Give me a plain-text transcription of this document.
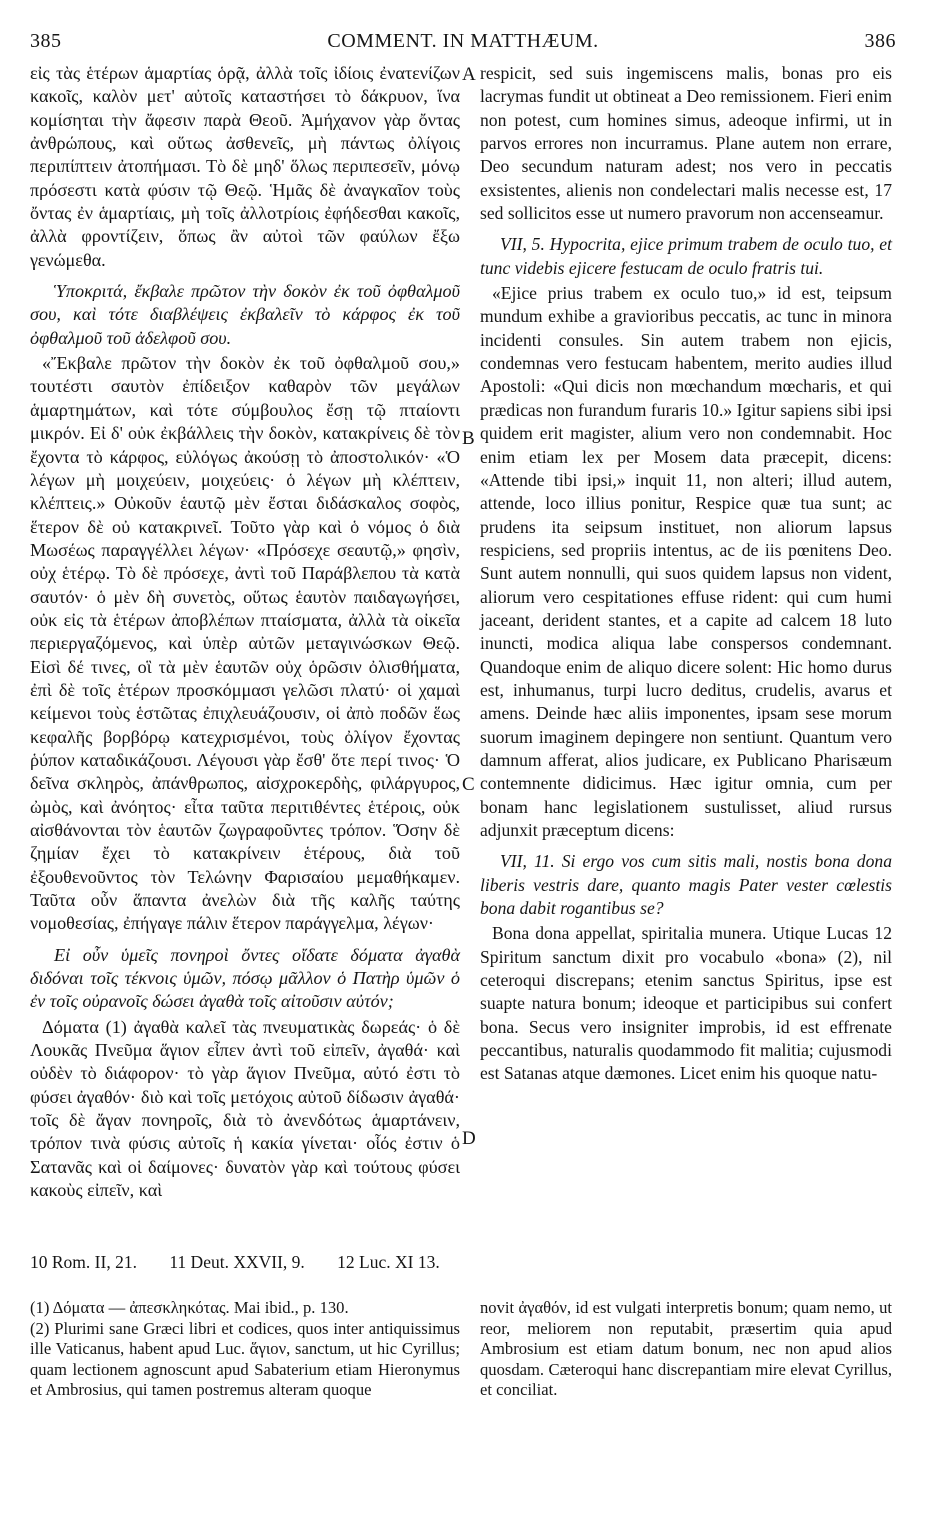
385	COMMENT. IN MATTHÆUM.	386

εἰς τὰς ἑτέρων ἁμαρτίας ὁρᾷ, ἀλλὰ τοῖς ἰδίοις ἐνατενίζων κακοῖς, καλὸν μετ' αὐτοῖς καταστήσει τὸ δάκρυον, ἵνα κομίσηται τὴν ἄφεσιν παρὰ Θεοῦ. Ἀμήχανον γὰρ ὄντας ἀνθρώπους, καὶ οὕτως ἀσθενεῖς, μὴ πάντως ὀλίγοις περιπίπτειν ἀτοπήμασι. Τὸ δὲ μηδ' ὅλως περιπεσεῖν, μόνῳ πρόσεστι κατὰ φύσιν τῷ Θεῷ. Ἡμᾶς δὲ ἀναγκαῖον τοὺς ὄντας ἐν ἁμαρτίαις, μὴ τοῖς ἀλλοτρίοις ἐφήδεσθαι κακοῖς, ἀλλὰ φροντίζειν, ὅπως ἂν αὐτοὶ τῶν φαύλων ἔξω γενώμεθα.

Ὑποκριτά, ἔκβαλε πρῶτον τὴν δοκὸν ἐκ τοῦ ὀφθαλμοῦ σου, καὶ τότε διαβλέψεις ἐκβαλεῖν τὸ κάρφος ἐκ τοῦ ὀφθαλμοῦ τοῦ ἀδελφοῦ σου.

«Ἔκβαλε πρῶτον τὴν δοκὸν ἐκ τοῦ ὀφθαλμοῦ σου,» τουτέστι σαυτὸν ἐπίδειξον καθαρὸν τῶν μεγάλων ἁμαρτημάτων, καὶ τότε σύμβουλος ἔσῃ τῷ πταίοντι μικρόν. Εἰ δ' οὐκ ἐκβάλλεις τὴν δοκὸν, κατακρίνεις δὲ τὸν ἔχοντα τὸ κάρφος, εὐλόγως ἀκούσῃ τὸ ἀποστολικόν· «Ὁ λέγων μὴ μοιχεύειν, μοιχεύεις· ὁ λέγων μὴ κλέπτειν, κλέπτεις.» Οὐκοῦν ἑαυτῷ μὲν ἔσται διδάσκαλος σοφὸς, ἕτερον δὲ οὐ κατακρινεῖ. Τοῦτο γὰρ καὶ ὁ νόμος ὁ διὰ Μωσέως παραγγέλλει λέγων· «Πρόσεχε σεαυτῷ,» φησὶν, οὐχ ἑτέρῳ. Τὸ δὲ πρόσεχε, ἀντὶ τοῦ Παράβλεπου τὰ κατὰ σαυτόν· ὁ μὲν δὴ συνετὸς, οὕτως ἑαυτὸν παιδαγωγήσει, οὐκ εἰς τὰ ἑτέρων ἀποβλέπων πταίσματα, ἀλλὰ τὰ οἰκεῖα περιεργαζόμενος, καὶ ὑπὲρ αὐτῶν μεταγινώσκων Θεῷ. Εἰσὶ δέ τινες, οἳ τὰ μὲν ἑαυτῶν οὐχ ὁρῶσιν ὀλισθήματα, ἐπὶ δὲ τοῖς ἑτέρων προσκόμμασι γελῶσι πλατύ· οἱ χαμαὶ κείμενοι τοὺς ἑστῶτας ἐπιχλευάζουσιν, οἱ ἀπὸ ποδῶν ἕως κεφαλῆς βορβόρῳ κατεχρισμένοι, τοὺς ὀλίγον ἔχοντας ῥύπον καταδικάζουσι. Λέγουσι γὰρ ἔσθ' ὅτε περί τινος· Ὁ δεῖνα σκληρὸς, ἀπάνθρωπος, αἰσχροκερδὴς, φιλάργυρος, ὠμὸς, καὶ ἀνόητος· εἶτα ταῦτα περιτιθέντες ἑτέροις, οὐκ αἰσθάνονται τὸν ἑαυτῶν ζωγραφοῦντες τρόπον. Ὅσην δὲ ζημίαν ἔχει τὸ κατακρίνειν ἑτέρους, διὰ τοῦ ἐξουθενοῦντος τὸν Τελώνην Φαρισαίου μεμαθήκαμεν. Ταῦτα οὖν ἅπαντα ἀνελὼν διὰ τῆς καλῆς ταύτης νομοθεσίας, ἐπήγαγε πάλιν ἕτερον παράγγελμα, λέγων·

Εἰ οὖν ὑμεῖς πονηροὶ ὄντες οἴδατε δόματα ἀγαθὰ διδόναι τοῖς τέκνοις ὑμῶν, πόσῳ μᾶλλον ὁ Πατὴρ ὑμῶν ὁ ἐν τοῖς οὐρανοῖς δώσει ἀγαθὰ τοῖς αἰτοῦσιν αὐτόν;

Δόματα (1) ἀγαθὰ καλεῖ τὰς πνευματικὰς δωρεάς· ὁ δὲ Λουκᾶς Πνεῦμα ἅγιον εἶπεν ἀντὶ τοῦ εἰπεῖν, ἀγαθά· καὶ οὐδὲν τὸ διάφορον· τὸ γὰρ ἅγιον Πνεῦμα, αὐτό ἐστι τὸ φύσει ἀγαθόν· διὸ καὶ τοῖς μετόχοις αὐτοῦ δίδωσιν ἀγαθά· τοῖς δὲ ἄγαν πονηροῖς, διὰ τὸ ἀνενδότως ἁμαρτάνειν, τρόπον τινὰ φύσις αὐτοῖς ἡ κακία γίνεται· οἷός ἐστιν ὁ Σατανᾶς καὶ οἱ δαίμονες· δυνατὸν γὰρ καὶ τούτους φύσει κακοὺς εἰπεῖν, καὶ

respicit, sed suis ingemiscens malis, bonas pro eis lacrymas fundit ut obtineat a Deo remissionem. Fieri enim non potest, cum homines simus, adeoque infirmi, ut in parvos errores non incurramus. Plane autem non errare, Deo secundum naturam adest; nos vero in peccatis exsistentes, alienis non condelectari malis necesse est, 17 sed sollicitos esse ut numero pravorum non accenseamur.

VII, 5. Hypocrita, ejice primum trabem de oculo tuo, et tunc videbis ejicere festucam de oculo fratris tui.

«Ejice prius trabem ex oculo tuo,» id est, teipsum mundum exhibe a gravioribus peccatis, ac tunc in minora incidenti consules. Sin autem trabem non ejicis, condemnas vero festucam habentem, merito audies illud Apostoli: «Qui dicis non mœchandum mœcharis, et qui prædicas non furandum furaris 10.» Igitur sapiens sibi ipsi quidem erit magister, alium vero non condemnabit. Hoc enim etiam lex per Mosem data præcepit, dicens: «Attende tibi ipsi,» inquit 11, non alteri; illud autem, attende, loco illius ponitur, Respice quæ tua sunt; ac prudens ita seipsum instituet, non aliorum lapsus respiciens, sed propriis intentus, ac de iis pœnitens Deo. Sunt autem nonnulli, qui suos quidem lapsus non vident, aliorum vero cespitationes effuse rident: qui cum humi jaceant, derident stantes, et a capite ad calcem 18 luto inuncti, modica aliqua labe conspersos condemnant. Quandoque enim de aliquo dicere solent: Hic homo durus est, inhumanus, turpi lucro deditus, crudelis, avarus et amens. Deinde hæc aliis imponentes, ipsam sese morum suorum imaginem depingere non sentiunt. Quantum vero damnum afferat, alios judicare, ex Publicano Pharisæum contemnente didicimus. Hæc igitur omnia, cum per bonam hanc legislationem sustulisset, aliud rursus adjunxit præceptum dicens:

VII, 11. Si ergo vos cum sitis mali, nostis bona dona liberis vestris dare, quanto magis Pater vester cœlestis bona dabit rogantibus se?

Bona dona appellat, spiritalia munera. Utique Lucas 12 Spiritum sanctum dixit pro vocabulo «bona» (2), nil ceteroqui discrepans; etenim sanctus Spiritus, ipse est suapte natura bonum; ideoque et participibus sui confert bona. Secus vero insigniter improbis, id est effrenate peccantibus, naturalis quodammodo fit malitia; cujusmodi est Satanas atque dæmones. Licet enim his quoque natu-

A
B
C
D
10 Rom. II, 21. 11 Deut. XXVII, 9. 12 Luc. XI 13.

(1) Δόματα — ἀπεσκληκότας. Mai ibid., p. 130.

(2) Plurimi sane Græci libri et codices, quos inter antiquissimus ille Vaticanus, habent apud Luc. ἅγιον, sanctum, ut hic Cyrillus; quam lectionem agnoscunt apud Sabaterium etiam Hieronymus et Ambrosius, qui tamen postremus alteram quoque

novit ἀγαθόν, id est vulgati interpretis bonum; quam nemo, ut reor, meliorem non reputabit, præsertim quia apud Ambrosium est etiam datum bonum, nec non apud alios quosdam. Cæteroqui hanc discrepantiam mire elevat Cyrillus, et conciliat.
